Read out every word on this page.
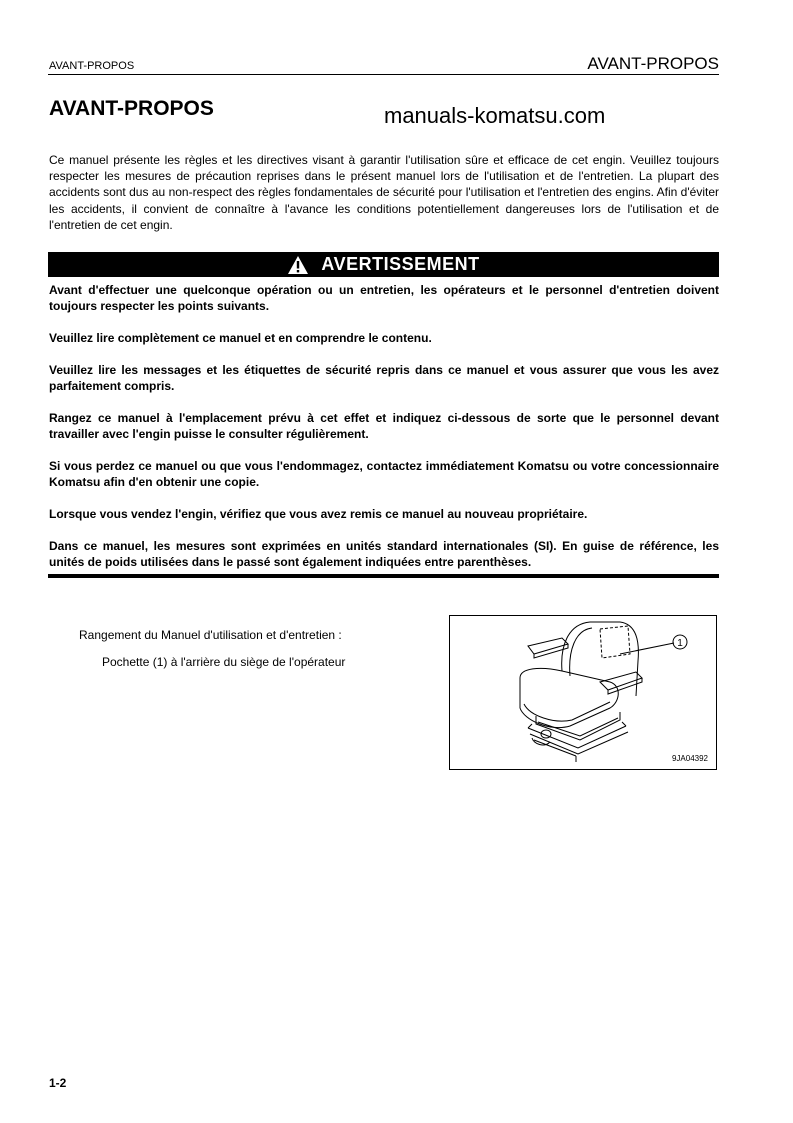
AVANT-PROPOS	AVANT-PROPOS
AVANT-PROPOS	manuals-komatsu.com

Ce manuel présente les règles et les directives visant à garantir l'utilisation sûre et efficace de cet engin. Veuillez toujours respecter les mesures de précaution reprises dans le présent manuel lors de l'utilisation et de l'entretien. La plupart des accidents sont dus au non-respect des règles fondamentales de sécurité pour l'utilisation et l'entretien des engins. Afin d'éviter les accidents, il convient de connaître à l'avance les conditions potentiellement dangereuses lors de l'utilisation et de l'entretien de cet engin.

AVERTISSEMENT

Avant d'effectuer une quelconque opération ou un entretien, les opérateurs et le personnel d'entretien doivent toujours respecter les points suivants.

Veuillez lire complètement ce manuel et en comprendre le contenu.

Veuillez lire les messages et les étiquettes de sécurité repris dans ce manuel et vous assurer que vous les avez parfaitement compris.

Rangez ce manuel à l'emplacement prévu à cet effet et indiquez ci-dessous de sorte que le personnel devant travailler avec l'engin puisse le consulter régulièrement.

Si vous perdez ce manuel ou que vous l'endommagez, contactez immédiatement Komatsu ou votre concessionnaire Komatsu afin d'en obtenir une copie.

Lorsque vous vendez l'engin, vérifiez que vous avez remis ce manuel au nouveau propriétaire.

Dans ce manuel, les mesures sont exprimées en unités standard internationales (SI). En guise de référence, les unités de poids utilisées dans le passé sont également indiquées entre parenthèses.

Rangement du Manuel d'utilisation et d'entretien :
Pochette (1) à l'arrière du siège de l'opérateur
1
9JA04392
1-2
